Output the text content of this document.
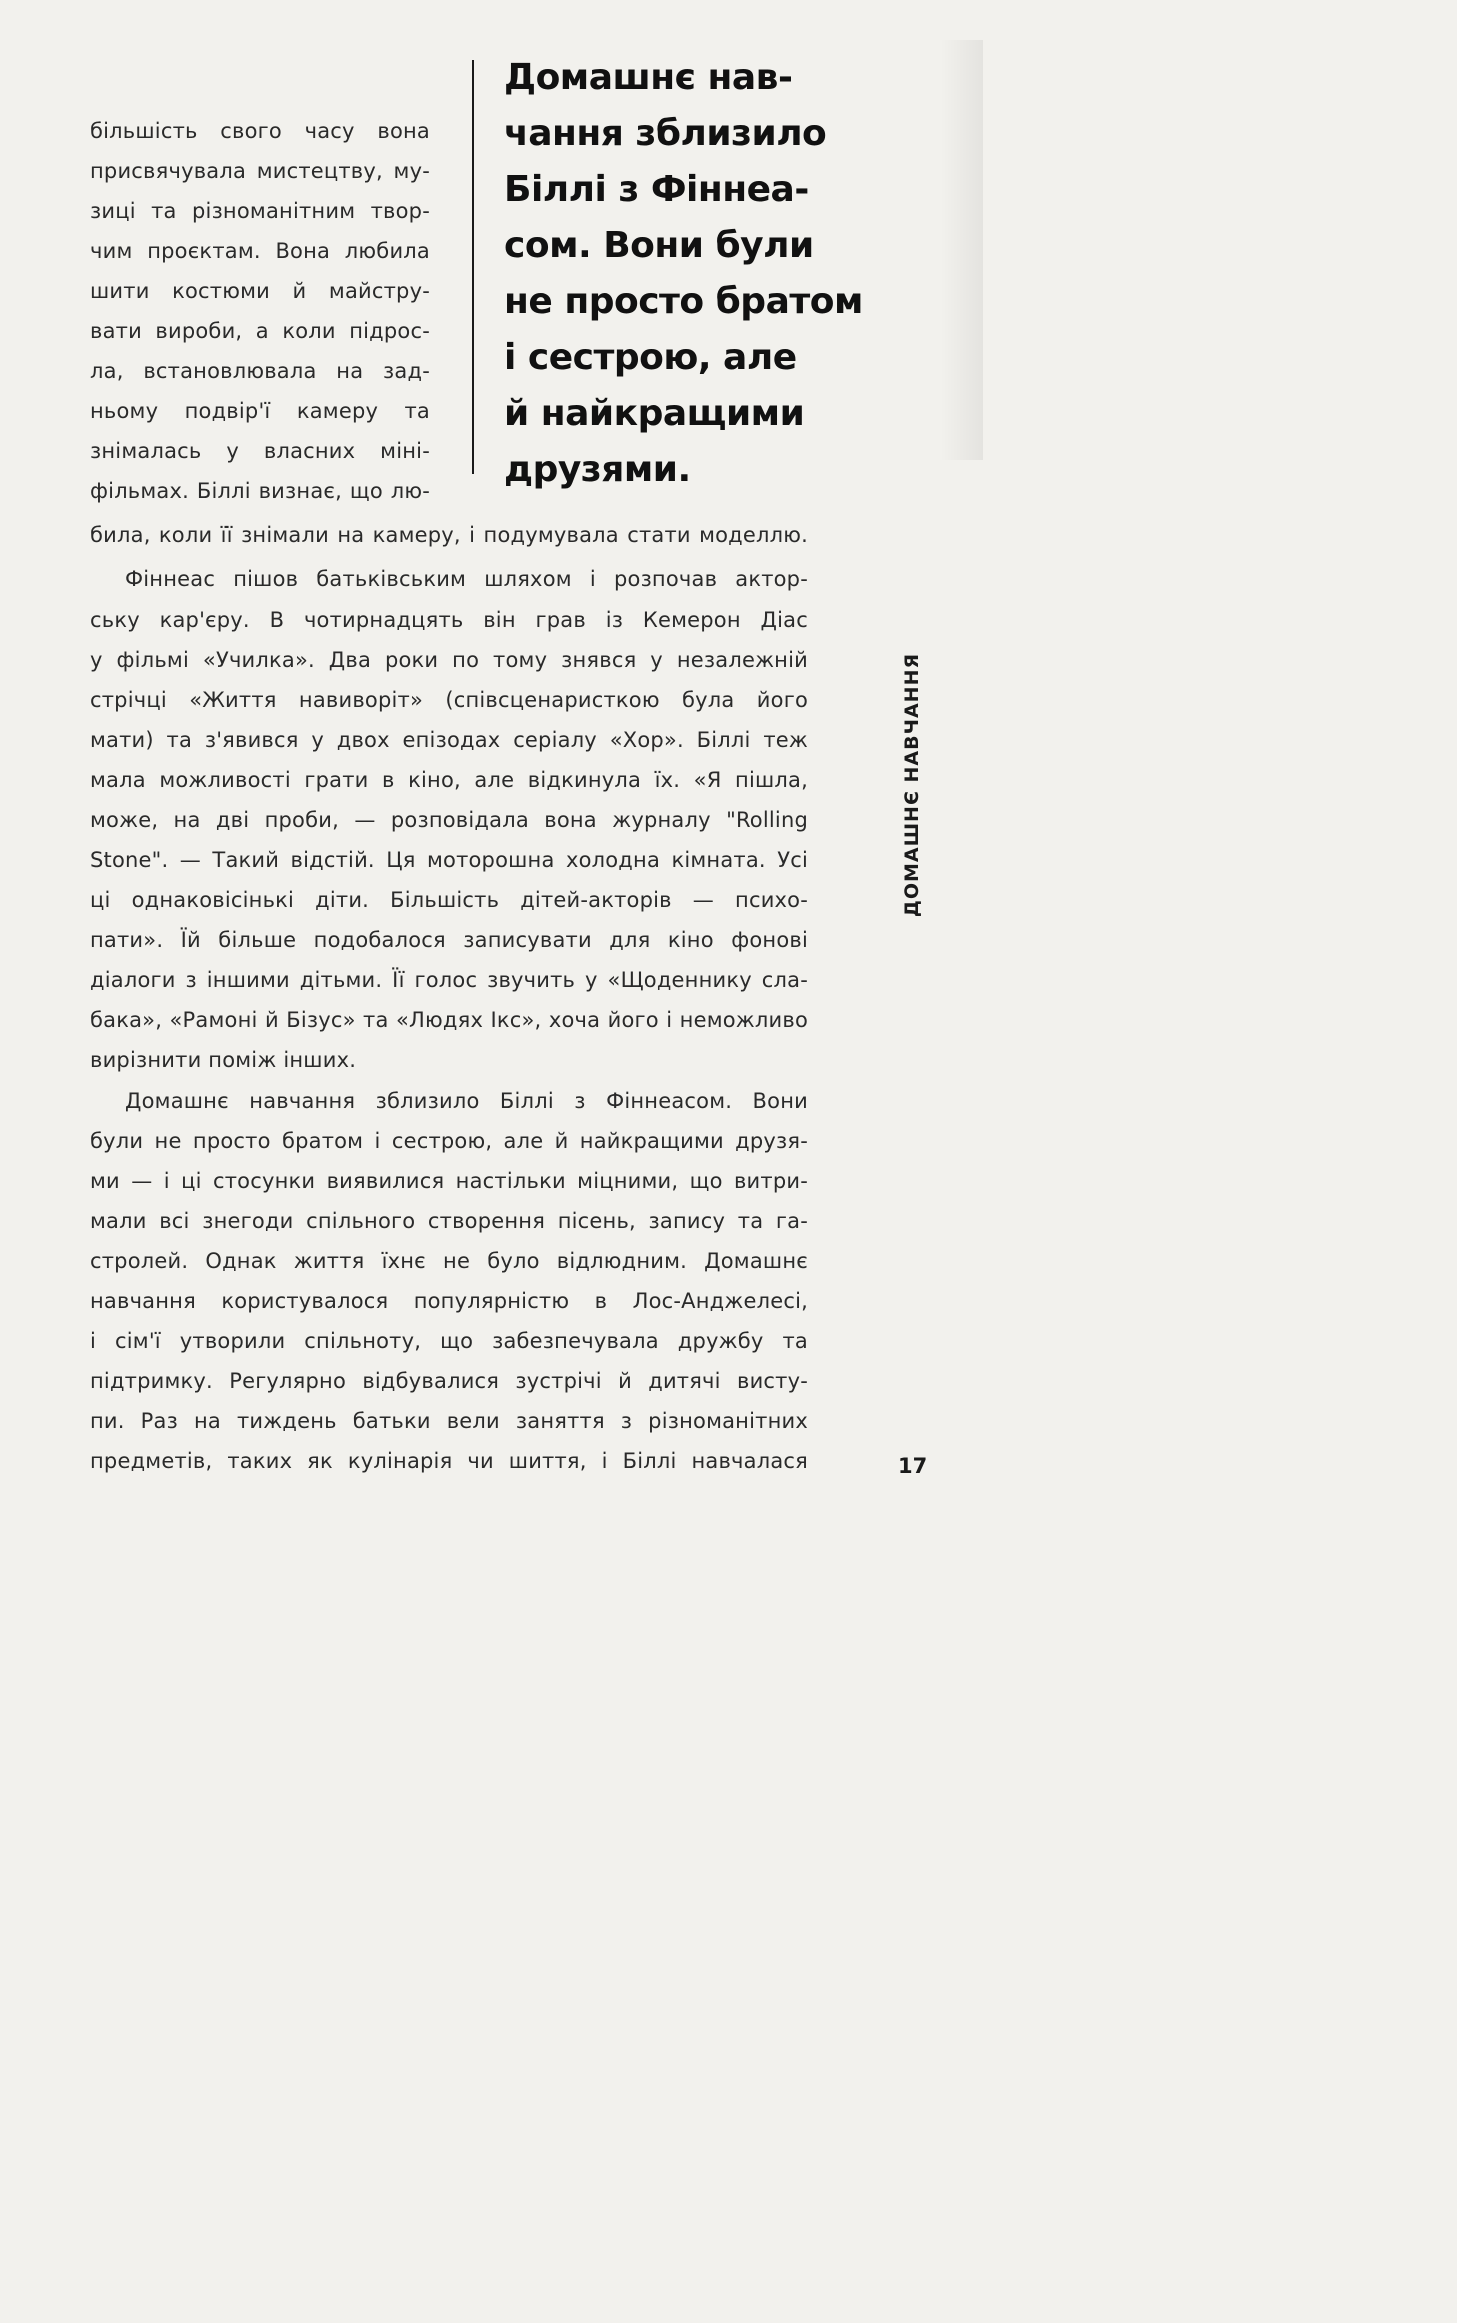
більшість свого часу вона

присвячувала мистецтву, му-

зиці та різноманітним твор-

чим проєктам. Вона любила

шити костюми й майстру-

вати вироби, а коли підрос-

ла, встановлювала на зад-

ньому подвір'ї камеру та

знімалась у власних міні-

фільмах. Біллі визнає, що лю-

Домашнє нав-

чання зблизило

Біллі з Фіннеа-

сом. Вони були

не просто братом

і сестрою, але

й найкращими

друзями.

била, коли її знімали на камеру, і подумувала стати моделлю.

Фіннеас пішов батьківським шляхом і розпочав актор-

ську кар'єру. В чотирнадцять він грав із Кемерон Діас

у фільмі «Училка». Два роки по тому знявся у незалежній

стрічці «Життя навиворіт» (співсценаристкою була його

мати) та з'явився у двох епізодах серіалу «Хор». Біллі теж

мала можливості грати в кіно, але відкинула їх. «Я пішла,

може, на дві проби, — розповідала вона журналу "Rolling

Stone". — Такий відстій. Ця моторошна холодна кімната. Усі

ці однаковісінькі діти. Більшість дітей-акторів — психо-

пати». Їй більше подобалося записувати для кіно фонові

діалоги з іншими дітьми. Її голос звучить у «Щоденнику сла-

бака», «Рамоні й Бізус» та «Людях Ікс», хоча його і неможливо

вирізнити поміж інших.

Домашнє навчання зблизило Біллі з Фіннеасом. Вони

були не просто братом і сестрою, але й найкращими друзя-

ми — і ці стосунки виявилися настільки міцними, що витри-

мали всі знегоди спільного створення пісень, запису та га-

стролей. Однак життя їхнє не було відлюдним. Домашнє

навчання користувалося популярністю в Лос-Анджелесі,

і сім'ї утворили спільноту, що забезпечувала дружбу та

підтримку. Регулярно відбувалися зустрічі й дитячі висту-

пи. Раз на тиждень батьки вели заняття з різноманітних

предметів, таких як кулінарія чи шиття, і Біллі навчалася

ДОМАШНЄ НАВЧАННЯ

17
